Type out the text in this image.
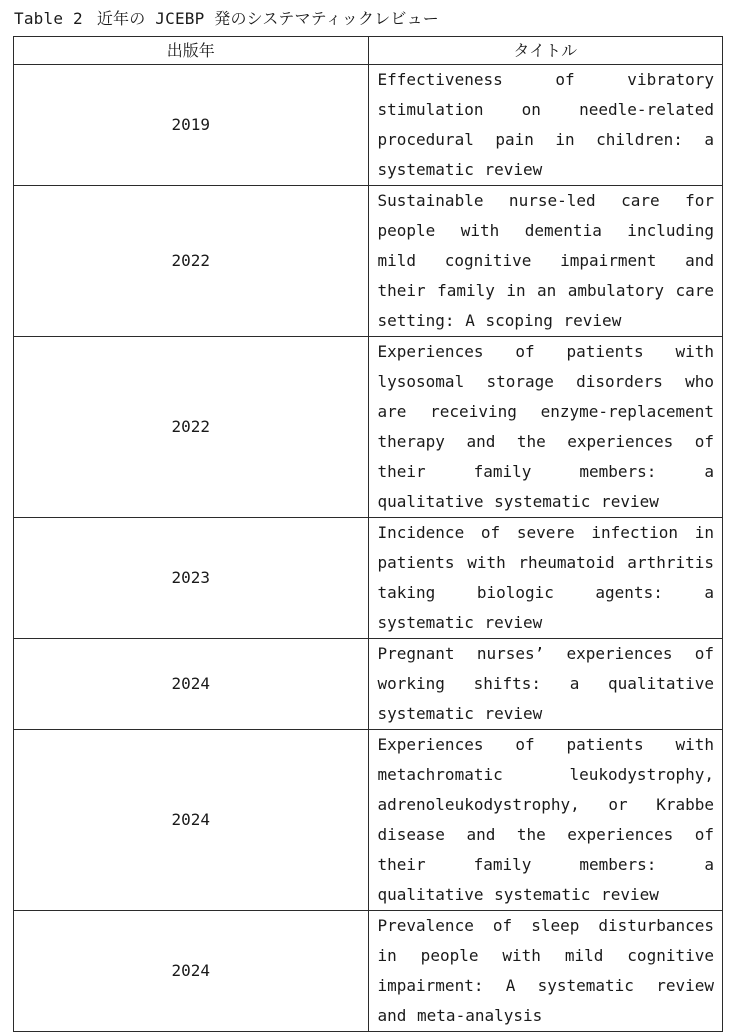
Table 2 近年の JCEBP 発のシステマティックレビュー
出版年	タイトル
2019	Effectiveness of vibratory stimulation on needle-related procedural pain in children: a systematic review
2022	Sustainable nurse-led care for people with dementia including mild cognitive impairment and their family in an ambulatory care setting: A scoping review
2022	Experiences of patients with lysosomal storage disorders who are receiving enzyme-replacement therapy and the experiences of their family members: a qualitative systematic review
2023	Incidence of severe infection in patients with rheumatoid arthritis taking biologic agents: a systematic review
2024	Pregnant nurses’ experiences of working shifts: a qualitative systematic review
2024	Experiences of patients with metachromatic leukodystrophy, adrenoleukodystrophy, or Krabbe disease and the experiences of their family members: a qualitative systematic review
2024	Prevalence of sleep disturbances in people with mild cognitive impairment: A systematic review and meta-analysis
